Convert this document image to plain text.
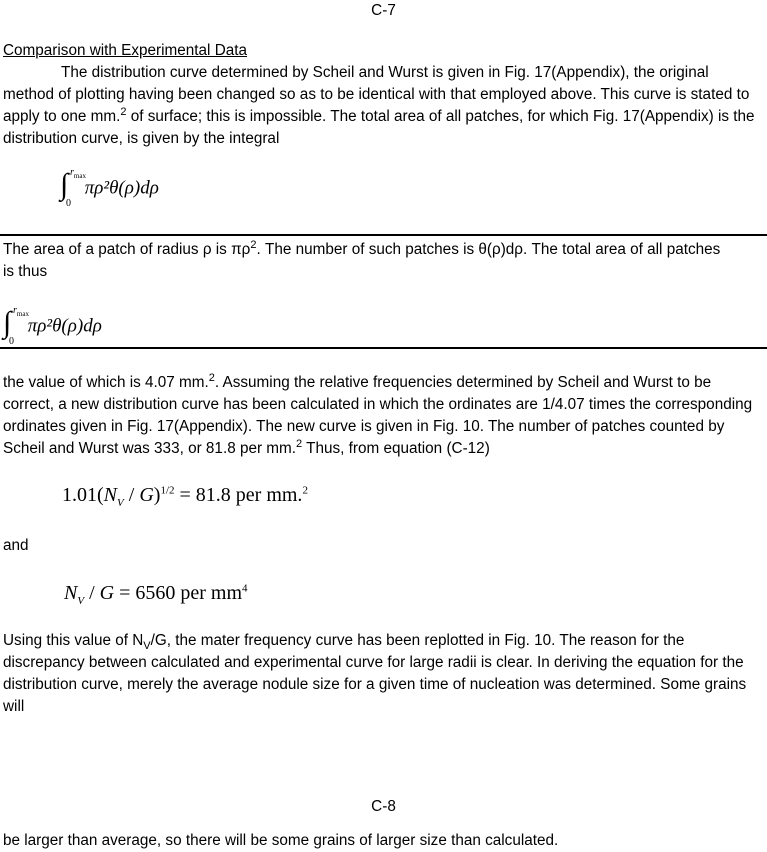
C-7
Comparison with Experimental Data

The distribution curve determined by Scheil and Wurst is given in Fig. 17(Appendix), the original method of plotting having been changed so as to be identical with that employed above. This curve is stated to apply to one mm.$^2$ of surface; this is impossible. The total area of all patches, for which Fig. 17(Appendix) is the distribution curve, is given by the integral

∫ $r_{max}$
0
πρ²θ(ρ)dρ

The area of a patch of radius ρ is $\pi\rho^2$. The number of such patches is θ(ρ)dρ. The total area of all patches
is thus

∫ $r_{max}$
0
πρ²θ(ρ)dρ

the value of which is 4.07 mm.$^2$. Assuming the relative frequencies determined by Scheil and Wurst to be correct, a new distribution curve has been calculated in which the ordinates are 1/4.07 times the corresponding ordinates given in Fig. 17(Appendix). The new curve is given in Fig. 10. The number of patches counted by Scheil and Wurst was 333, or 81.8 per mm.$^2$ Thus, from equation (C-12)

$1.01(N_V / G)^{1/2} = 81.8$ per mm.$^2$
and
$N_V / G = 6560$ per $mm^4$

Using this value of $N_V/G$, the mater frequency curve has been replotted in Fig. 10. The reason for the discrepancy between calculated and experimental curve for large radii is clear. In deriving the equation for the distribution curve, merely the average nodule size for a given time of nucleation was determined. Some grains will

C-8

be larger than average, so there will be some grains of larger size than calculated.
